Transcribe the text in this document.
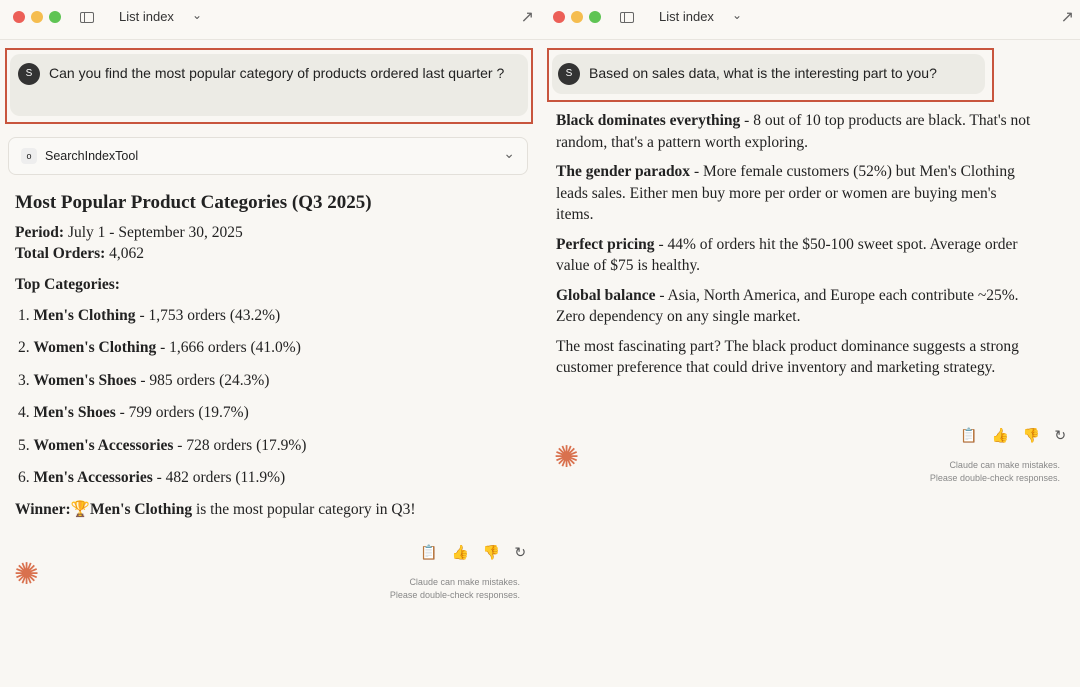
List index ⌄	↗
S	Can you find the most popular category of products ordered last quarter ?
o	SearchIndexTool	⌄
Most Popular Product Categories (Q3 2025)
Period: July 1 - September 30, 2025
Total Orders: 4,062
Top Categories:
1. Men's Clothing - 1,753 orders (43.2%)
2. Women's Clothing - 1,666 orders (41.0%)
3. Women's Shoes - 985 orders (24.3%)
4. Men's Shoes - 799 orders (19.7%)
5. Women's Accessories - 728 orders (17.9%)
6. Men's Accessories - 482 orders (11.9%)
Winner:🏆Men's Clothing is the most popular category in Q3!
📋 👍 👎 ↻
✺	Claude can make mistakes.
Please double-check responses.
List index ⌄	↗
S	Based on sales data, what is the interesting part to you?

Black dominates everything - 8 out of 10 top products are black. That's not random, that's a pattern worth exploring.

The gender paradox - More female customers (52%) but Men's Clothing leads sales. Either men buy more per order or women are buying men's items.

Perfect pricing - 44% of orders hit the $50-100 sweet spot. Average order value of $75 is healthy.

Global balance - Asia, North America, and Europe each contribute ~25%. Zero dependency on any single market.

The most fascinating part? The black product dominance suggests a strong customer preference that could drive inventory and marketing strategy.

📋 👍 👎 ↻
✺	Claude can make mistakes.
Please double-check responses.
